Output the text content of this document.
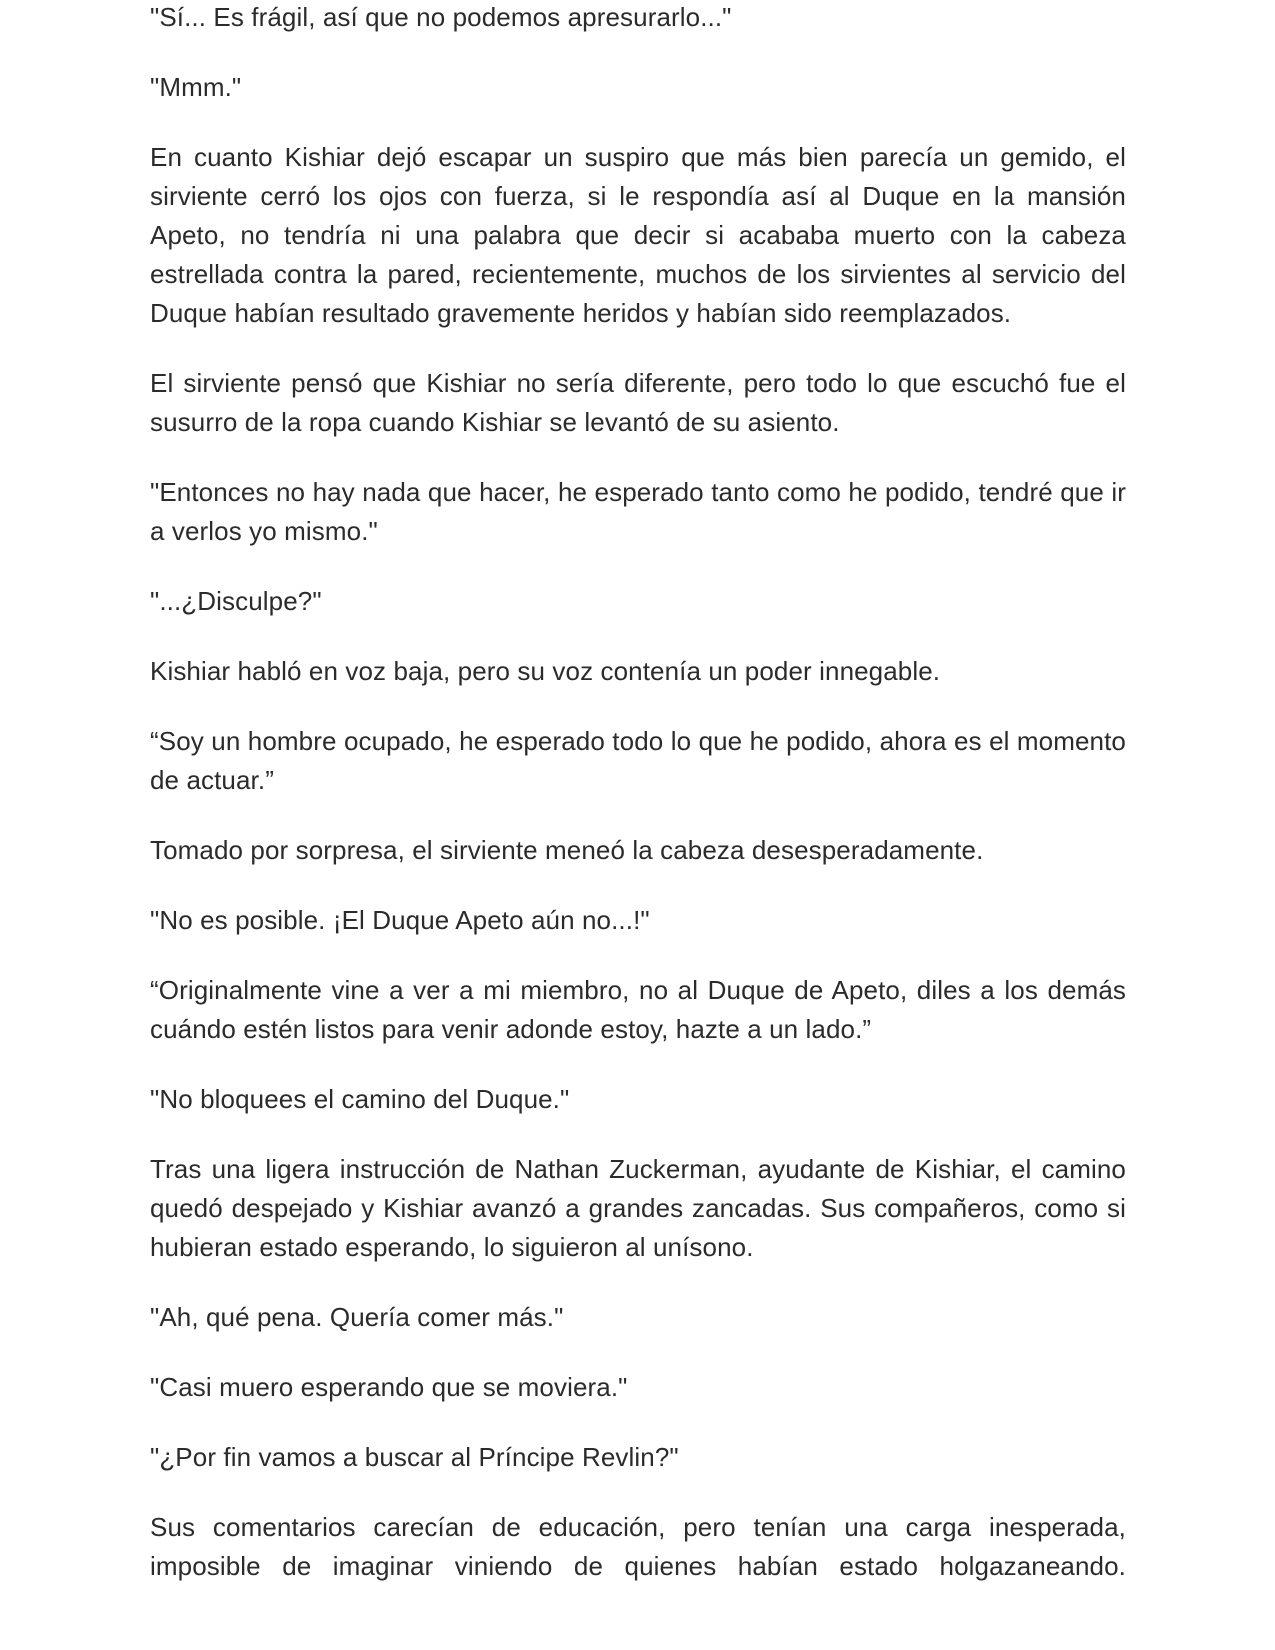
"Sí... Es frágil, así que no podemos apresurarlo..."

"Mmm."

En cuanto Kishiar dejó escapar un suspiro que más bien parecía un gemido, el sirviente cerró los ojos con fuerza, si le respondía así al Duque en la mansión Apeto, no tendría ni una palabra que decir si acababa muerto con la cabeza estrellada contra la pared, recientemente, muchos de los sirvientes al servicio del Duque habían resultado gravemente heridos y habían sido reemplazados.

El sirviente pensó que Kishiar no sería diferente, pero todo lo que escuchó fue el susurro de la ropa cuando Kishiar se levantó de su asiento.

"Entonces no hay nada que hacer, he esperado tanto como he podido, tendré que ir a verlos yo mismo."

"...¿Disculpe?"

Kishiar habló en voz baja, pero su voz contenía un poder innegable.

“Soy un hombre ocupado, he esperado todo lo que he podido, ahora es el momento de actuar.”

Tomado por sorpresa, el sirviente meneó la cabeza desesperadamente.

"No es posible. ¡El Duque Apeto aún no...!"

“Originalmente vine a ver a mi miembro, no al Duque de Apeto, diles a los demás cuándo estén listos para venir adonde estoy, hazte a un lado.”

"No bloquees el camino del Duque."

Tras una ligera instrucción de Nathan Zuckerman, ayudante de Kishiar, el camino quedó despejado y Kishiar avanzó a grandes zancadas. Sus compañeros, como si hubieran estado esperando, lo siguieron al unísono.

"Ah, qué pena. Quería comer más."

"Casi muero esperando que se moviera."

"¿Por fin vamos a buscar al Príncipe Revlin?"

Sus comentarios carecían de educación, pero tenían una carga inesperada, imposible de imaginar viniendo de quienes habían estado holgazaneando.
